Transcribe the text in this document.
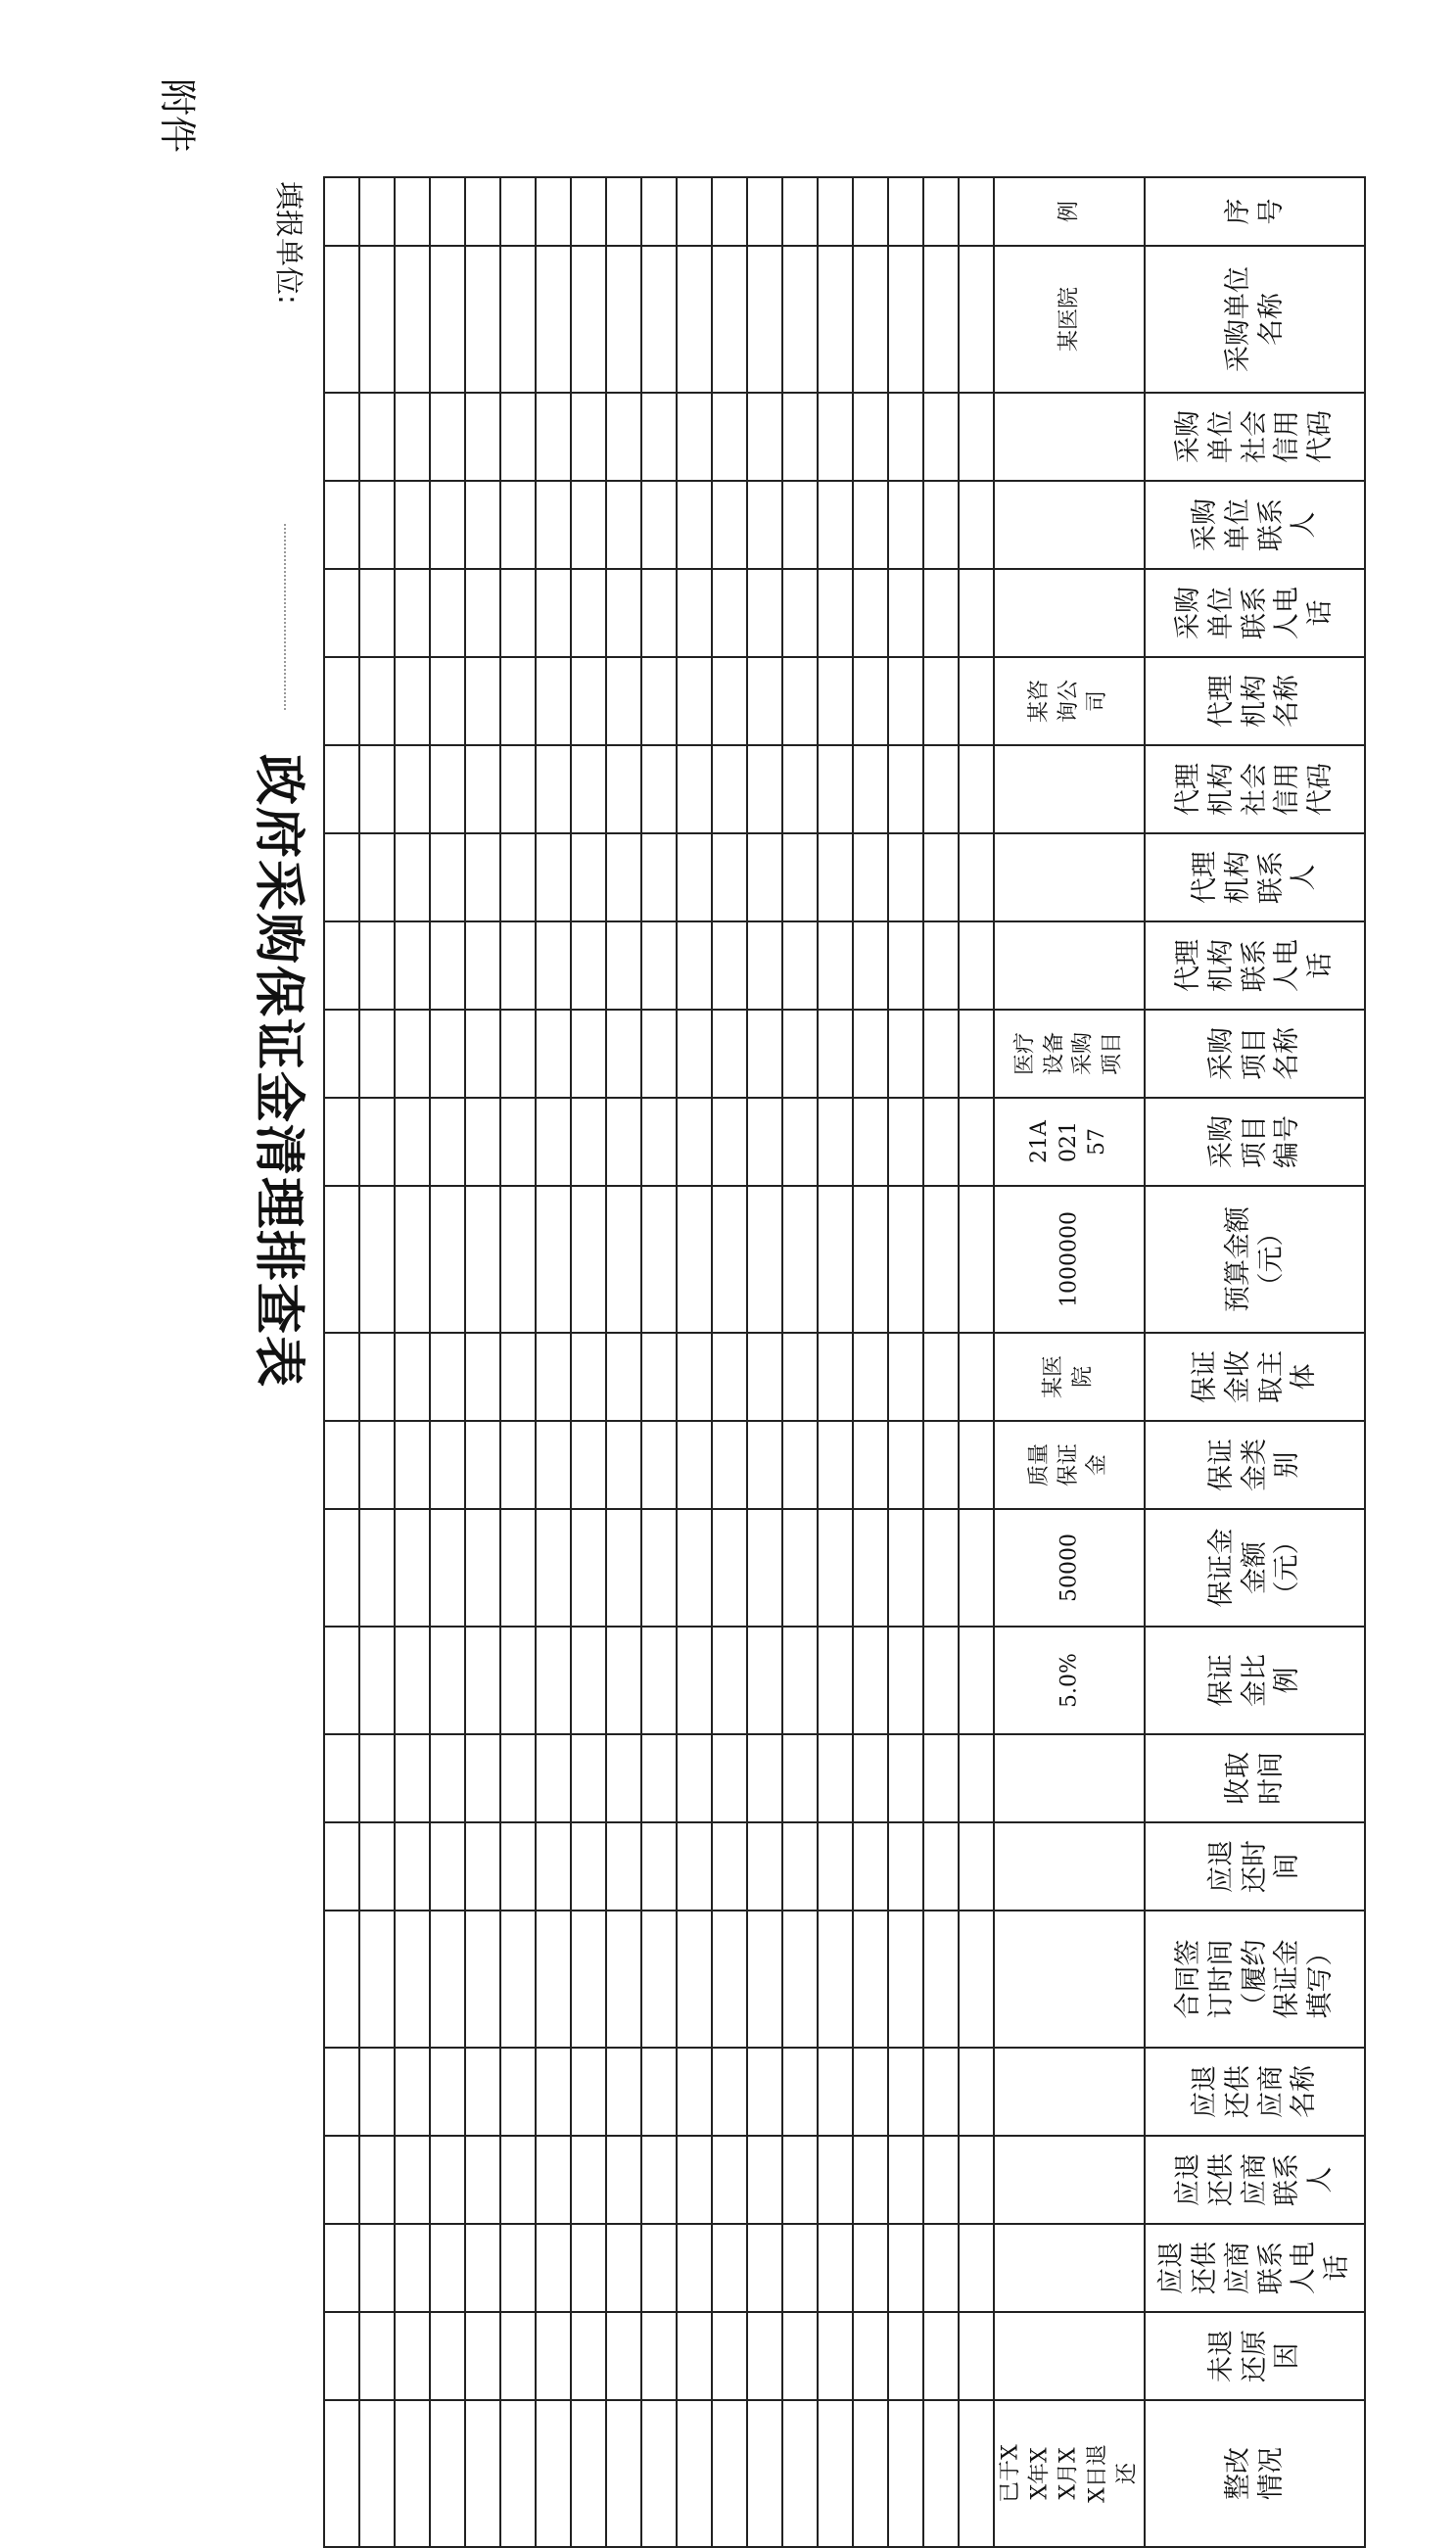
附件
政府采购保证金清理排查表
填报单位:	序号	采购单位名称	采购单位社会信用代码	采购单位联系人	采购单位联系人电话	代理机构名称	代理机构社会信用代码	代理机构联系人	代理机构联系人电话	采购项目名称	采购项目编号	预算金额（元）	保证金收取主体	保证金类别	保证金金额（元）	保证金比例	收取时间	应退还时间	合同签订时间（履约保证金填写）	应退还供应商名称	应退还供应商联系人	应退还供应商联系人电话	未退还原因	整改情况

例	某医院				某咨询公司				医疗设备采购项目	21A02157	1000000	某医院	质量保证金	50000	5.0%								已于XX年XX月XX日退还
